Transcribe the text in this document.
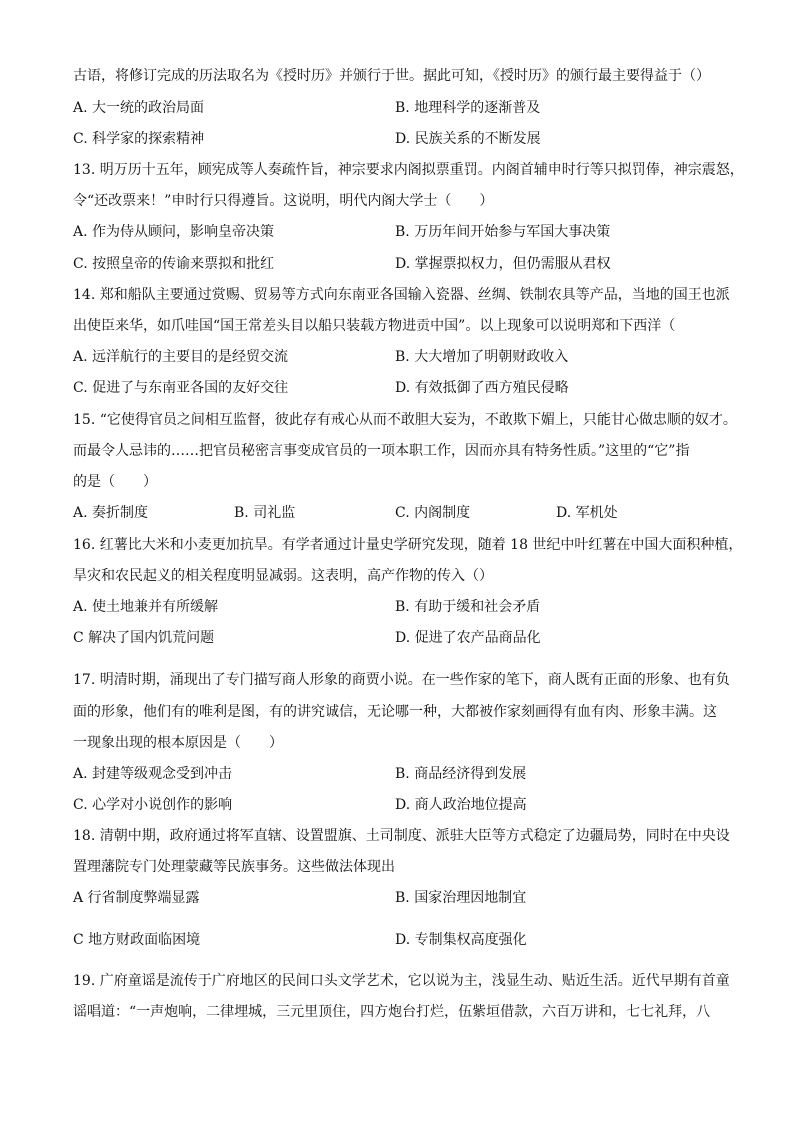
古语，将修订完成的历法取名为《授时历》并颁行于世。据此可知，《授时历》的颁行最主要得益于（）
A. 大一统的政治局面	B. 地理科学的逐渐普及
C. 科学家的探索精神	D. 民族关系的不断发展
13. 明万历十五年，顾宪成等人奏疏忤旨，神宗要求内阁拟票重罚。内阁首辅申时行等只拟罚俸，神宗震怒，
令“还改票来！”申时行只得遵旨。这说明，明代内阁大学士（　　）
A. 作为侍从顾问，影响皇帝决策	B. 万历年间开始参与军国大事决策
C. 按照皇帝的传谕来票拟和批红	D. 掌握票拟权力，但仍需服从君权
14. 郑和船队主要通过赏赐、贸易等方式向东南亚各国输入瓷器、丝绸、铁制农具等产品，当地的国王也派
出使臣来华，如爪哇国“国王常差头目以船只装载方物进贡中国”。以上现象可以说明郑和下西洋（
A. 远洋航行的主要目的是经贸交流	B. 大大增加了明朝财政收入
C. 促进了与东南亚各国的友好交往	D. 有效抵御了西方殖民侵略
15. “它使得官员之间相互监督，彼此存有戒心从而不敢胆大妄为，不敢欺下媚上，只能甘心做忠顺的奴才。
而最令人忌讳的……把官员秘密言事变成官员的一项本职工作，因而亦具有特务性质。”这里的“它”指
的是（　　）
A. 奏折制度	B. 司礼监	C. 内阁制度	D. 军机处
16. 红薯比大米和小麦更加抗旱。有学者通过计量史学研究发现，随着 18 世纪中叶红薯在中国大面积种植，
旱灾和农民起义的相关程度明显减弱。这表明，高产作物的传入（）
A. 使土地兼并有所缓解	B. 有助于缓和社会矛盾
C 解决了国内饥荒问题	D. 促进了农产品商品化
17. 明清时期，涌现出了专门描写商人形象的商贾小说。在一些作家的笔下，商人既有正面的形象、也有负
面的形象，他们有的唯利是图，有的讲究诚信，无论哪一种，大都被作家刻画得有血有肉、形象丰满。这
一现象出现的根本原因是（　　）
A. 封建等级观念受到冲击	B. 商品经济得到发展
C. 心学对小说创作的影响	D. 商人政治地位提高
18. 清朝中期，政府通过将军直辖、设置盟旗、土司制度、派驻大臣等方式稳定了边疆局势，同时在中央设
置理藩院专门处理蒙藏等民族事务。这些做法体现出
A 行省制度弊端显露	B. 国家治理因地制宜
C 地方财政面临困境	D. 专制集权高度强化
19. 广府童谣是流传于广府地区的民间口头文学艺术，它以说为主，浅显生动、贴近生活。近代早期有首童
谣唱道：“一声炮响，二律埋城，三元里顶住，四方炮台打烂，伍紫垣借款，六百万讲和，七七礼拜，八
